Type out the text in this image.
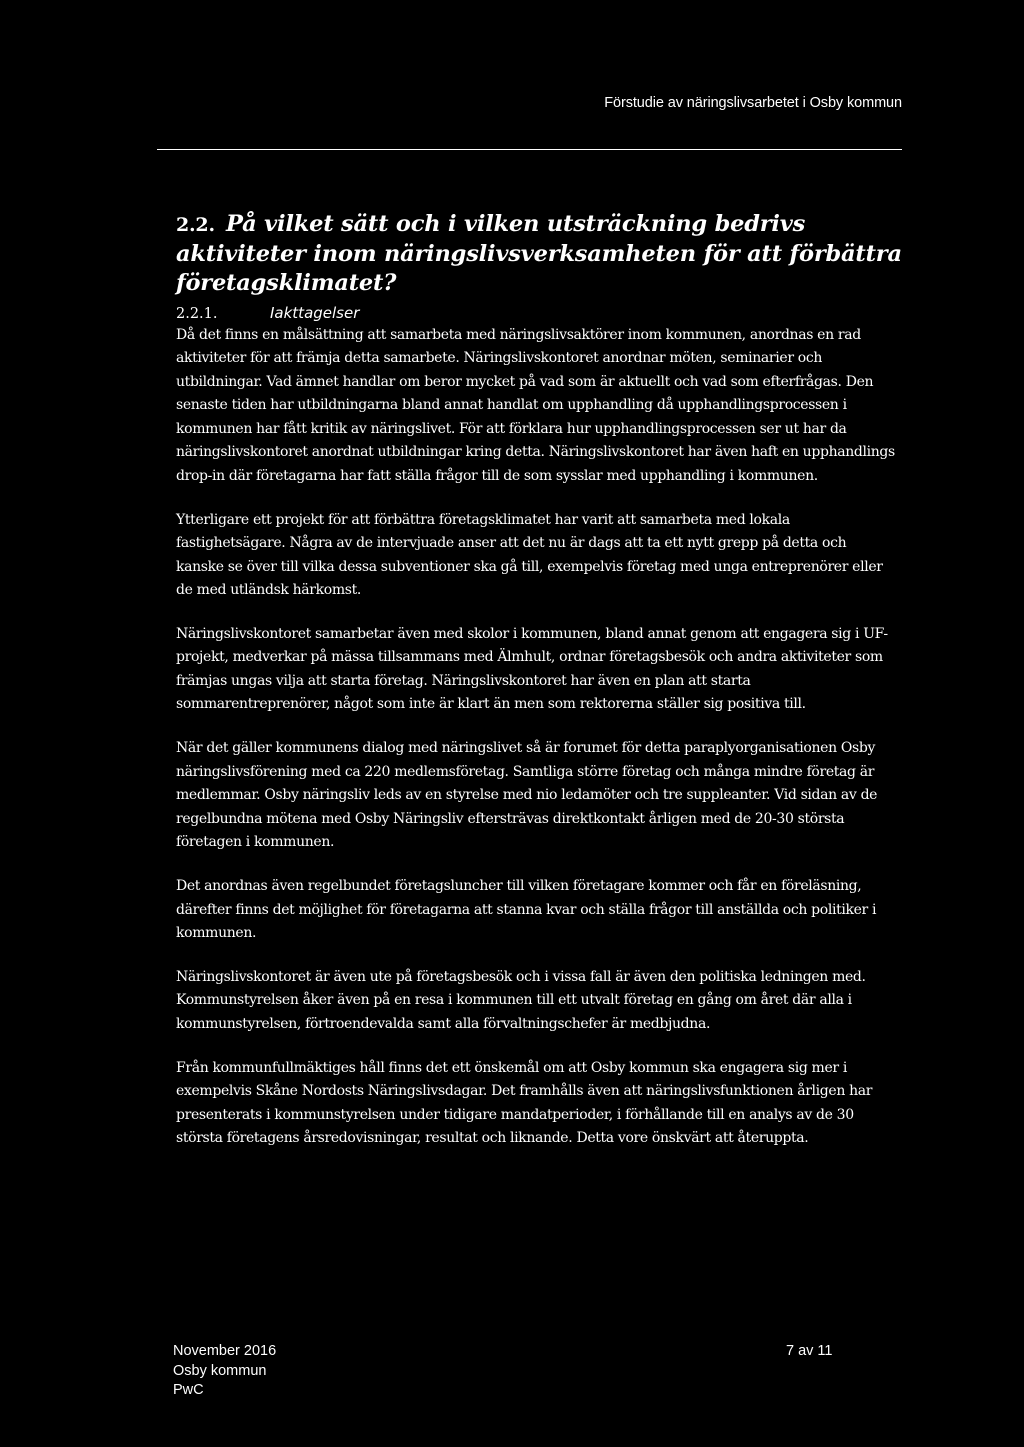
Förstudie av näringslivsarbetet i Osby kommun
2.2. På vilket sätt och i vilken utsträckning bedrivs aktiviteter inom näringslivsverksamheten för att förbättra företagsklimatet?
2.2.1.	Iakttagelser

Då det finns en målsättning att samarbeta med näringslivsaktörer inom kommunen, anordnas en rad aktiviteter för att främja detta samarbete. Näringslivskontoret anordnar möten, seminarier och utbildningar. Vad ämnet handlar om beror mycket på vad som är aktuellt och vad som efterfrågas. Den senaste tiden har utbildningarna bland annat handlat om upphandling då upphandlingsprocessen i kommunen har fått kritik av näringslivet. För att förklara hur upphandlingsprocessen ser ut har da näringslivskontoret anordnat utbildningar kring detta. Näringslivskontoret har även haft en upphandlings drop-in där företagarna har fatt ställa frågor till de som sysslar med upphandling i kommunen.

Ytterligare ett projekt för att förbättra företagsklimatet har varit att samarbeta med lokala fastighetsägare. Några av de intervjuade anser att det nu är dags att ta ett nytt grepp på detta och kanske se över till vilka dessa subventioner ska gå till, exempelvis företag med unga entreprenörer eller de med utländsk härkomst.

Näringslivskontoret samarbetar även med skolor i kommunen, bland annat genom att engagera sig i UF-projekt, medverkar på mässa tillsammans med Älmhult, ordnar företagsbesök och andra aktiviteter som främjas ungas vilja att starta företag. Näringslivskontoret har även en plan att starta sommarentreprenörer, något som inte är klart än men som rektorerna ställer sig positiva till.

När det gäller kommunens dialog med näringslivet så är forumet för detta paraplyorganisationen Osby näringslivsförening med ca 220 medlemsföretag. Samtliga större företag och många mindre företag är medlemmar. Osby näringsliv leds av en styrelse med nio ledamöter och tre suppleanter. Vid sidan av de regelbundna mötena med Osby Näringsliv eftersträvas direktkontakt årligen med de 20-30 största företagen i kommunen.

Det anordnas även regelbundet företagsluncher till vilken företagare kommer och får en föreläsning, därefter finns det möjlighet för företagarna att stanna kvar och ställa frågor till anställda och politiker i kommunen.

Näringslivskontoret är även ute på företagsbesök och i vissa fall är även den politiska ledningen med. Kommunstyrelsen åker även på en resa i kommunen till ett utvalt företag en gång om året där alla i kommunstyrelsen, förtroendevalda samt alla förvaltningschefer är medbjudna.

Från kommunfullmäktiges håll finns det ett önskemål om att Osby kommun ska engagera sig mer i exempelvis Skåne Nordosts Näringslivsdagar. Det framhålls även att näringslivsfunktionen årligen har presenterats i kommunstyrelsen under tidigare mandatperioder, i förhållande till en analys av de 30 största företagens årsredovisningar, resultat och liknande. Detta vore önskvärt att återuppta.

November 2016
Osby kommun
PwC
7 av 11
